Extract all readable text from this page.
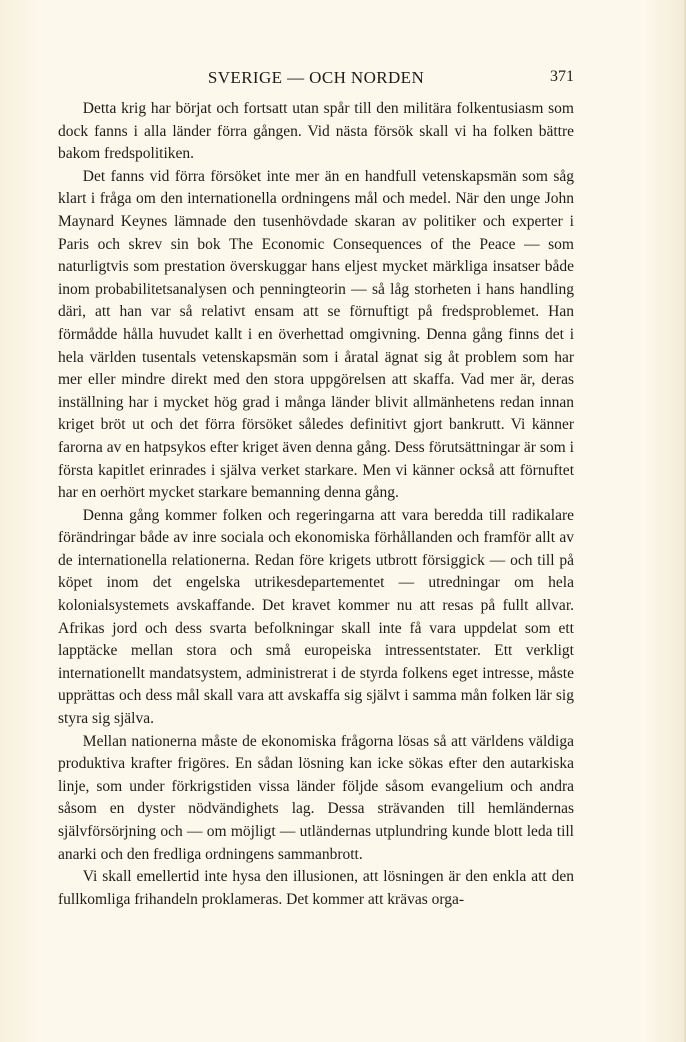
SVERIGE — OCH NORDEN	371

Detta krig har börjat och fortsatt utan spår till den militära folkentusiasm som dock fanns i alla länder förra gången. Vid nästa försök skall vi ha folken bättre bakom fredspolitiken.

Det fanns vid förra försöket inte mer än en handfull vetenskapsmän som såg klart i fråga om den internationella ordningens mål och medel. När den unge John Maynard Keynes lämnade den tusenhövdade skaran av politiker och experter i Paris och skrev sin bok The Economic Consequences of the Peace — som naturligtvis som prestation överskuggar hans eljest mycket märkliga insatser både inom probabilitetsanalysen och penningteorin — så låg storheten i hans handling däri, att han var så relativt ensam att se förnuftigt på fredsproblemet. Han förmådde hålla huvudet kallt i en överhettad omgivning. Denna gång finns det i hela världen tusentals vetenskapsmän som i åratal ägnat sig åt problem som har mer eller mindre direkt med den stora uppgörelsen att skaffa. Vad mer är, deras inställning har i mycket hög grad i många länder blivit allmänhetens redan innan kriget bröt ut och det förra försöket således definitivt gjort bankrutt. Vi känner farorna av en hatpsykos efter kriget även denna gång. Dess förutsättningar är som i första kapitlet erinrades i själva verket starkare. Men vi känner också att förnuftet har en oerhört mycket starkare bemanning denna gång.

Denna gång kommer folken och regeringarna att vara beredda till radikalare förändringar både av inre sociala och ekonomiska förhållanden och framför allt av de internationella relationerna. Redan före krigets utbrott försiggick — och till på köpet inom det engelska utrikesdepartementet — utredningar om hela kolonialsystemets avskaffande. Det kravet kommer nu att resas på fullt allvar. Afrikas jord och dess svarta befolkningar skall inte få vara uppdelat som ett lapptäcke mellan stora och små europeiska intressentstater. Ett verkligt internationellt mandatsystem, administrerat i de styrda folkens eget intresse, måste upprättas och dess mål skall vara att avskaffa sig självt i samma mån folken lär sig styra sig själva.

Mellan nationerna måste de ekonomiska frågorna lösas så att världens väldiga produktiva krafter frigöres. En sådan lösning kan icke sökas efter den autarkiska linje, som under förkrigstiden vissa länder följde såsom evangelium och andra såsom en dyster nödvändighets lag. Dessa strävanden till hemländernas självförsörjning och — om möjligt — utländernas utplundring kunde blott leda till anarki och den fredliga ordningens sammanbrott.

Vi skall emellertid inte hysa den illusionen, att lösningen är den enkla att den fullkomliga frihandeln proklameras. Det kommer att krävas orga-
